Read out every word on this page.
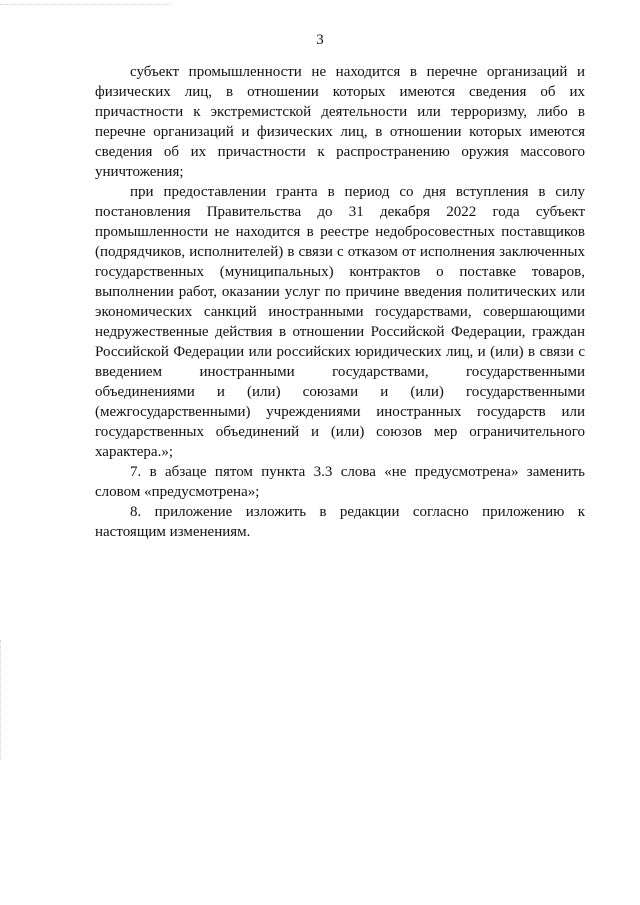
3

субъект промышленности не находится в перечне организаций и физических лиц, в отношении которых имеются сведения об их причастности к экстремистской деятельности или терроризму, либо в перечне организаций и физических лиц, в отношении которых имеются сведения об их причастности к распространению оружия массового уничтожения;

при предоставлении гранта в период со дня вступления в силу постановления Правительства до 31 декабря 2022 года субъект промышленности не находится в реестре недобросовестных поставщиков (подрядчиков, исполнителей) в связи с отказом от исполнения заключенных государственных (муниципальных) контрактов о поставке товаров, выполнении работ, оказании услуг по причине введения политических или экономических санкций иностранными государствами, совершающими недружественные действия в отношении Российской Федерации, граждан Российской Федерации или российских юридических лиц, и (или) в связи с введением иностранными государствами, государственными объединениями и (или) союзами и (или) государственными (межгосударственными) учреждениями иностранных государств или государственных объединений и (или) союзов мер ограничительного характера.»;

7. в абзаце пятом пункта 3.3 слова «не предусмотрена» заменить словом «предусмотрена»;

8. приложение изложить в редакции согласно приложению к настоящим изменениям.
